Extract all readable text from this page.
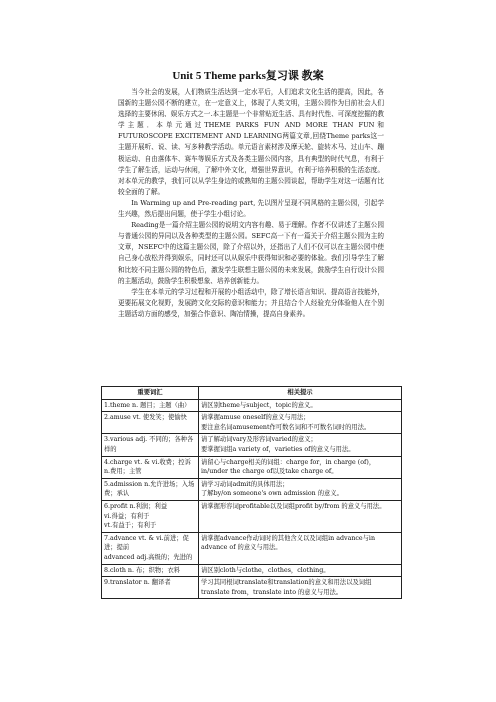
Unit 5 Theme parks复习课 教案

当今社会的发展，人们物质生活达到一定水平后，人们追求文化生活的提高，因此，各国新的主题公园不断的建立，在一定意义上，体现了人类文明，主题公园作为目前社会人们选择的主要休闲、娱乐方式之一.本主题是一个非常贴近生活、具有时代性、可深度挖掘的教学主题．本单元通过THEME PARKS FUN AND MORE THAN FUN和FUTUROSCOPE EXCITEMENT AND LEARNING两篇文章,回绕Theme parks这一主题开展听、说、读、写多种教学活动。单元语言素材涉及摩天轮、旋转木马、过山车、蹦极运动、自由落体车、赛车等娱乐方式及各类主题公园内容，具有典型的时代气息，有利于学生了解生活，运动与休闲，了解中外文化，增强世界意识，有利于培养积极的生活态度。对本单元的教学，我们可以从学生身边的或熟知的主题公园谈起，帮助学生对这一话题有比较全面的了解。

In Warming up and Pre-reading part, 先以图片呈现不同风格的主题公园，引起学生兴趣，然后提出问题，使于学生小组讨论。

Reading是一篇介绍主题公园的说明文内容有趣、易于理解。作者不仅讲述了主题公园与普通公园的异同以及各种类型的主题公园。SEFC高一下有一篇关于介绍主题公园为主的文章，NSEFC中的这篇主题公园，除了介绍以外，还指出了人们不仅可以在主题公园中使自己身心放松并得到娱乐，同时还可以从娱乐中获得知识和必要的体验。我们引导学生了解和比较不同主题公园的特色后，激发学生联想主题公园的未来发展，鼓励学生自行设计公园的主题活动，鼓励学生积极想象、培养创新能力。

学生在本单元的学习过程和开展的小组活动中，除了增长语言知识、提高语言技能外，更要拓展文化视野，发展跨文化交际的意识和能力；并且结合个人经验充分体验他人在个别主题活动方面的感受，加强合作意识、陶冶情操，提高自身素养。

重要词汇	相关提示

1.theme n. 题目；主题（曲）	请区别theme与subject，topic的意义。

2.amuse vt. 使发笑；使愉快	请掌握amuse oneself的意义与用法；
要注意名词amusement作可数名词和不可数名词时的用法。

3.various adj. 不同的；各种各样的	请了解动词vary及形容词varied的意义；
要掌握词组a variety of，varieties of的意义与用法。

4.charge vt. & vi.收费；控诉 n.费用；主管	请留心与charge相关的词组：charge for，in charge (of)，in/under the charge of以及take charge of。

5.admission n.允许进场；入场费；承认	请学习动词admit的具体用法；
了解by/on someone's own admission 的意义。

6.profit n.利润；利益
vi.得益；有利于
vt.有益于；有利于	请掌握形容词profitable以及词组profit by/from 的意义与用法。

7.advance vt. & vi.前进；促进；提前
advanced adj.高级的；先进的	请掌握advance作动词时的其他含义以及词组in advance与in advance of 的意义与用法。

8.cloth n. 布；织物；衣料	请区别cloth与clothe，clothes，clothing。

9.translator n. 翻译者	学习其同根词translate和translation的意义和用法以及词组translate from，translate into 的意义与用法。
